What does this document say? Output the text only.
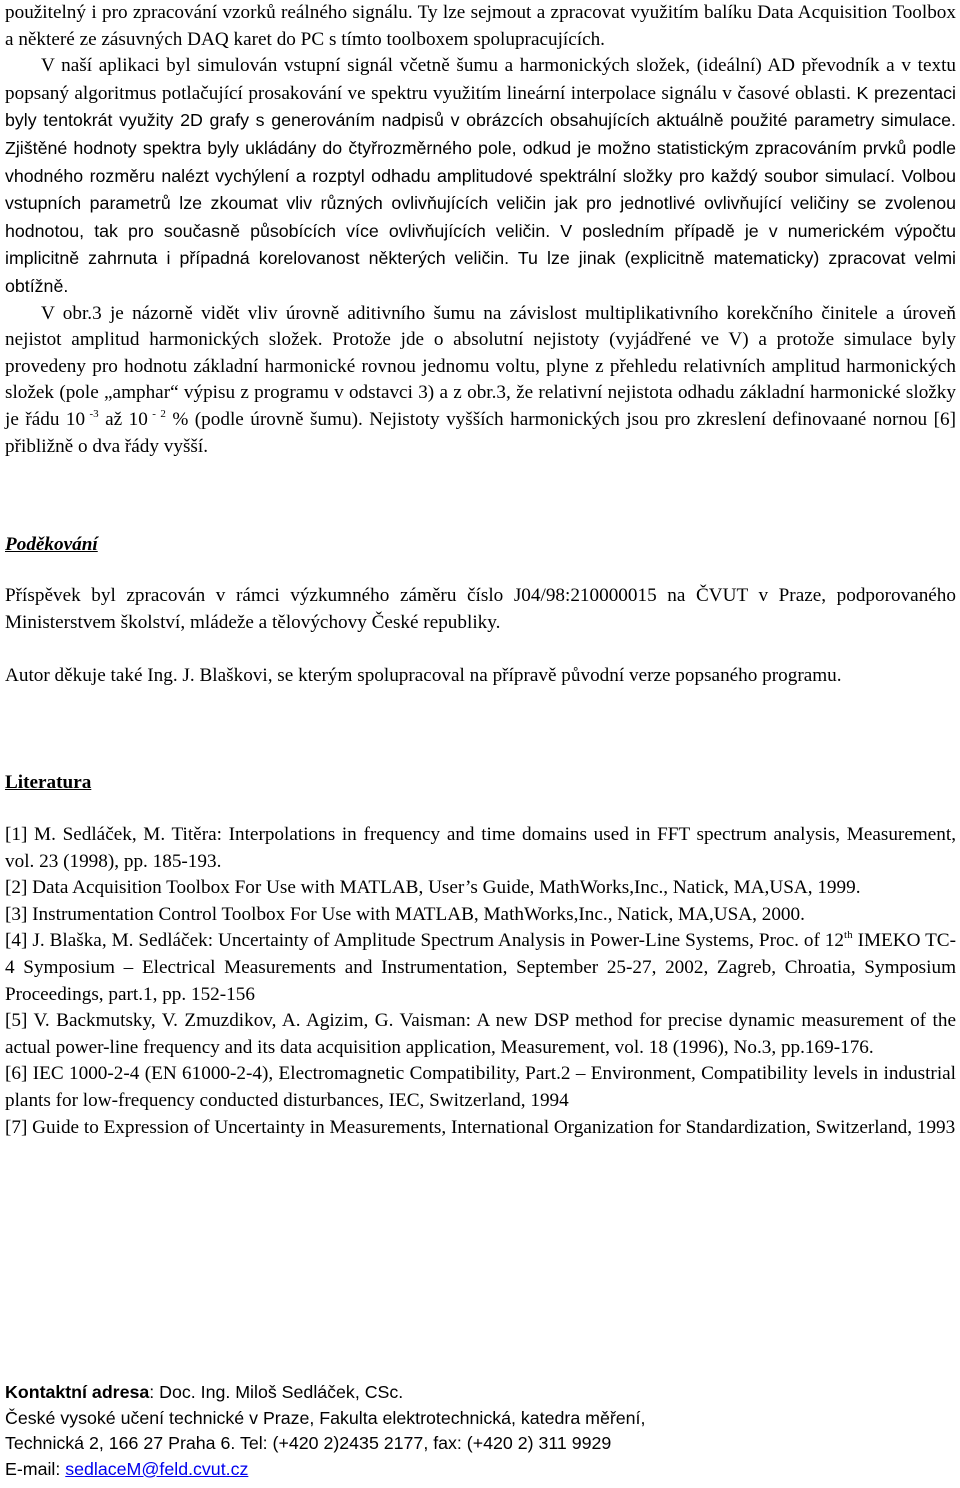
použitelný i pro zpracování vzorků reálného signálu. Ty lze sejmout a zpracovat využitím balíku Data Acquisition Toolbox a některé ze zásuvných DAQ karet do PC s tímto toolboxem spolupracujících.

V naší aplikaci byl simulován vstupní signál včetně šumu a harmonických složek, (ideální) AD převodník a v textu popsaný algoritmus potlačující prosakování ve spektru využitím lineární interpolace signálu v časové oblasti. K prezentaci byly tentokrát využity 2D grafy s generováním nadpisů v obrázcích obsahujících aktuálně použité parametry simulace. Zjištěné hodnoty spektra byly ukládány do čtyřrozměrného pole, odkud je možno statistickým zpracováním prvků podle vhodného rozměru nalézt vychýlení a rozptyl odhadu amplitudové spektrální složky pro každý soubor simulací. Volbou vstupních parametrů lze zkoumat vliv různých ovlivňujících veličin jak pro jednotlivé ovlivňující veličiny se zvolenou hodnotou, tak pro současně působících více ovlivňujících veličin. V posledním případě je v numerickém výpočtu implicitně zahrnuta i případná korelovanost některých veličin. Tu lze jinak (explicitně matematicky) zpracovat velmi obtížně.

V obr.3 je názorně vidět vliv úrovně aditivního šumu na závislost multiplikativního korekčního činitele a úroveň nejistot amplitud harmonických složek. Protože jde o absolutní nejistoty (vyjádřené ve V) a protože simulace byly provedeny pro hodnotu základní harmonické rovnou jednomu voltu, plyne z přehledu relativních amplitud harmonických složek (pole „amphar“ výpisu z programu v odstavci 3) a z obr.3, že relativní nejistota odhadu základní harmonické složky je řádu 10 $^{-3}$ až 10 $^{- 2}$ % (podle úrovně šumu). Nejistoty vyšších harmonických jsou pro zkreslení definovaané nornou [6] přibližně o dva řády vyšší.

Poděkování

Příspěvek byl zpracován v rámci výzkumného záměru číslo J04/98:210000015 na ČVUT v Praze, podporovaného Ministerstvem školství, mládeže a tělovýchovy České republiky.

Autor děkuje také Ing. J. Blaškovi, se kterým spolupracoval na přípravě původní verze popsaného programu.

Literatura

[1] M. Sedláček, M. Titěra: Interpolations in frequency and time domains used in FFT spectrum analysis, Measurement, vol. 23 (1998), pp. 185-193.

[2] Data Acquisition Toolbox For Use with MATLAB, User’s Guide, MathWorks,Inc., Natick, MA,USA, 1999.

[3] Instrumentation Control Toolbox For Use with MATLAB, MathWorks,Inc., Natick, MA,USA, 2000.

[4] J. Blaška, M. Sedláček: Uncertainty of Amplitude Spectrum Analysis in Power-Line Systems, Proc. of 12th IMEKO TC-4 Symposium – Electrical Measurements and Instrumentation, September 25-27, 2002, Zagreb, Chroatia, Symposium Proceedings, part.1, pp. 152-156

[5] V. Backmutsky, V. Zmuzdikov, A. Agizim, G. Vaisman: A new DSP method for precise dynamic measurement of the actual power-line frequency and its data acquisition application, Measurement, vol. 18 (1996), No.3, pp.169-176.

[6] IEC 1000-2-4 (EN 61000-2-4), Electromagnetic Compatibility, Part.2 – Environment, Compatibility levels in industrial plants for low-frequency conducted disturbances, IEC, Switzerland, 1994

[7] Guide to Expression of Uncertainty in Measurements, International Organization for Standardization, Switzerland, 1993

Kontaktní adresa: Doc. Ing. Miloš Sedláček, CSc.
České vysoké učení technické v Praze, Fakulta elektrotechnická, katedra měření,
Technická 2, 166 27 Praha 6. Tel: (+420 2)2435 2177, fax: (+420 2) 311 9929
E-mail: sedlaceM@feld.cvut.cz
